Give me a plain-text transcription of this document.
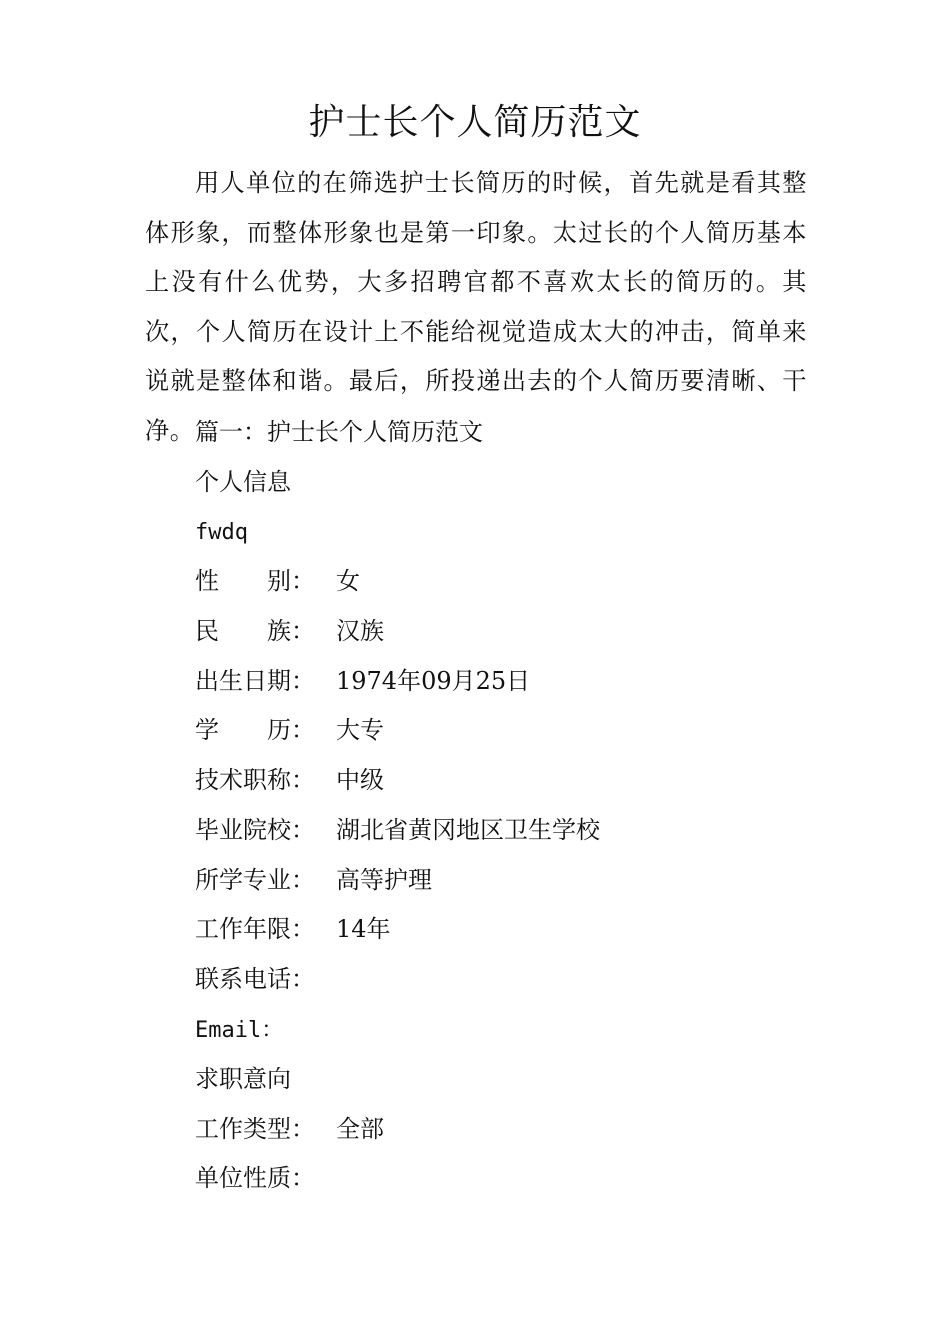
护士长个人简历范文

用人单位的在筛选护士长简历的时候，首先就是看其整体形象，而整体形象也是第一印象。太过长的个人简历基本上没有什么优势，大多招聘官都不喜欢太长的简历的。其次，个人简历在设计上不能给视觉造成太大的冲击，简单来说就是整体和谐。最后，所投递出去的个人简历要清晰、干净。 篇一：护士长个人简历范文
个人信息
fwdq
性　　别： 女
民　　族： 汉族
出生日期： 1974年09月25日
学　　历： 大专
技术职称： 中级
毕业院校： 湖北省黄冈地区卫生学校
所学专业： 高等护理
工作年限： 14年
联系电话：
Email：
求职意向
工作类型： 全部
单位性质：
